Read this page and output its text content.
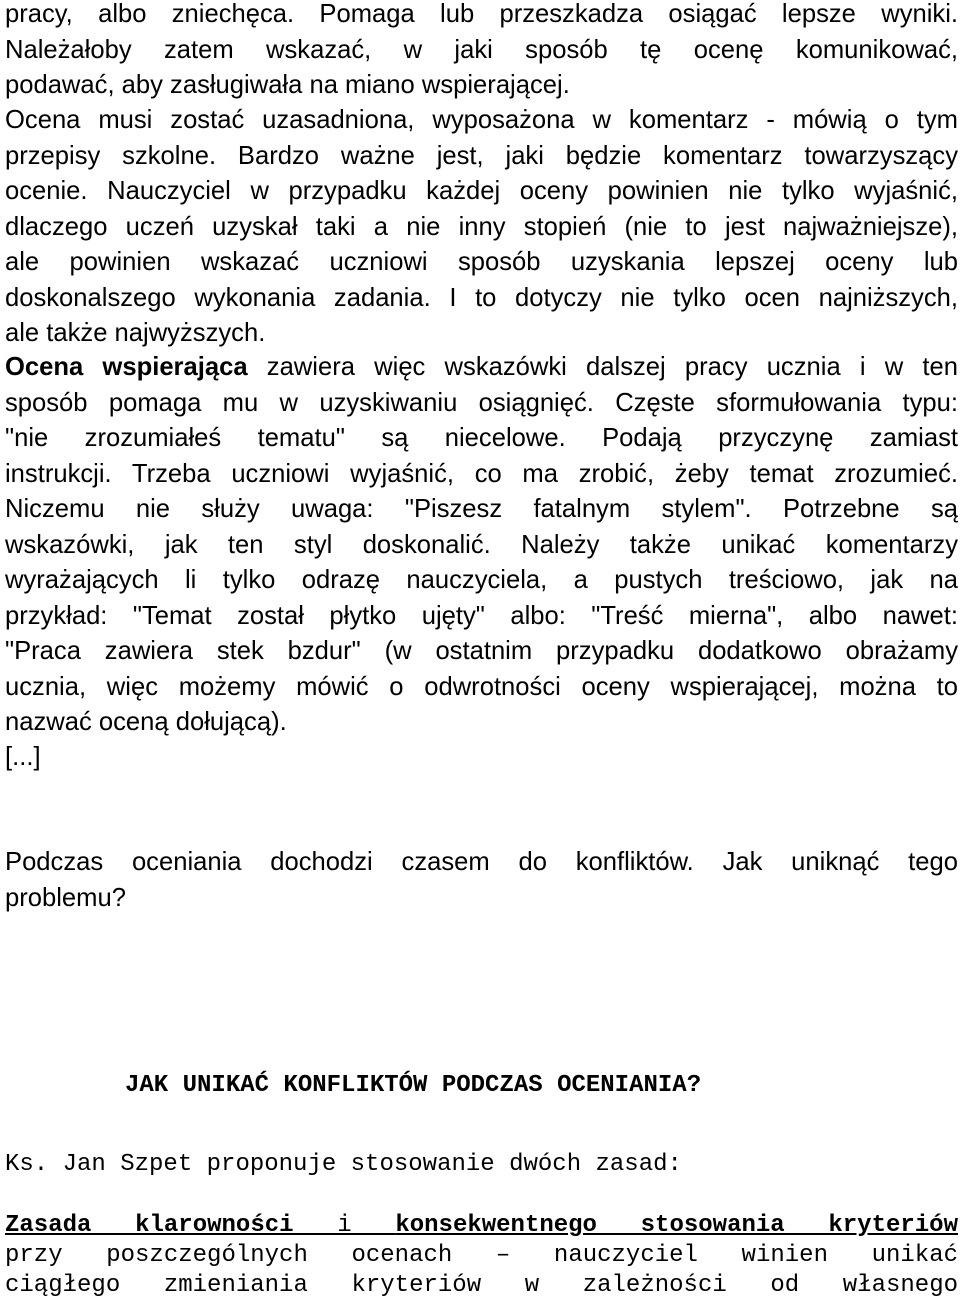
pracy, albo zniechęca. Pomaga lub przeszkadza osiągać lepsze wyniki.
Należałoby zatem wskazać, w jaki sposób tę ocenę komunikować,
podawać, aby zasługiwała na miano wspierającej.
Ocena musi zostać uzasadniona, wyposażona w komentarz - mówią o tym
przepisy szkolne. Bardzo ważne jest, jaki będzie komentarz towarzyszący
ocenie. Nauczyciel w przypadku każdej oceny powinien nie tylko wyjaśnić,
dlaczego uczeń uzyskał taki a nie inny stopień (nie to jest najważniejsze),
ale powinien wskazać uczniowi sposób uzyskania lepszej oceny lub
doskonalszego wykonania zadania. I to dotyczy nie tylko ocen najniższych,
ale także najwyższych.
Ocena wspierająca zawiera więc wskazówki dalszej pracy ucznia i w ten
sposób pomaga mu w uzyskiwaniu osiągnięć. Częste sformułowania typu:
"nie zrozumiałeś tematu" są niecelowe. Podają przyczynę zamiast
instrukcji. Trzeba uczniowi wyjaśnić, co ma zrobić, żeby temat zrozumieć.
Niczemu nie służy uwaga: "Piszesz fatalnym stylem". Potrzebne są
wskazówki, jak ten styl doskonalić. Należy także unikać komentarzy
wyrażających li tylko odrazę nauczyciela, a pustych treściowo, jak na
przykład: "Temat został płytko ujęty" albo: "Treść mierna", albo nawet:
"Praca zawiera stek bzdur" (w ostatnim przypadku dodatkowo obrażamy
ucznia, więc możemy mówić o odwrotności oceny wspierającej, można to
nazwać oceną dołującą).
[...]
Podczas oceniania dochodzi czasem do konfliktów. Jak uniknąć tego
problemu?
JAK UNIKAĆ KONFLIKTÓW PODCZAS OCENIANIA?
Ks. Jan Szpet proponuje stosowanie dwóch zasad:
Zasada klarowności i konsekwentnego stosowania kryteriów
przy poszczególnych ocenach – nauczyciel winien unikać
ciągłego zmieniania kryteriów w zależności od własnego
